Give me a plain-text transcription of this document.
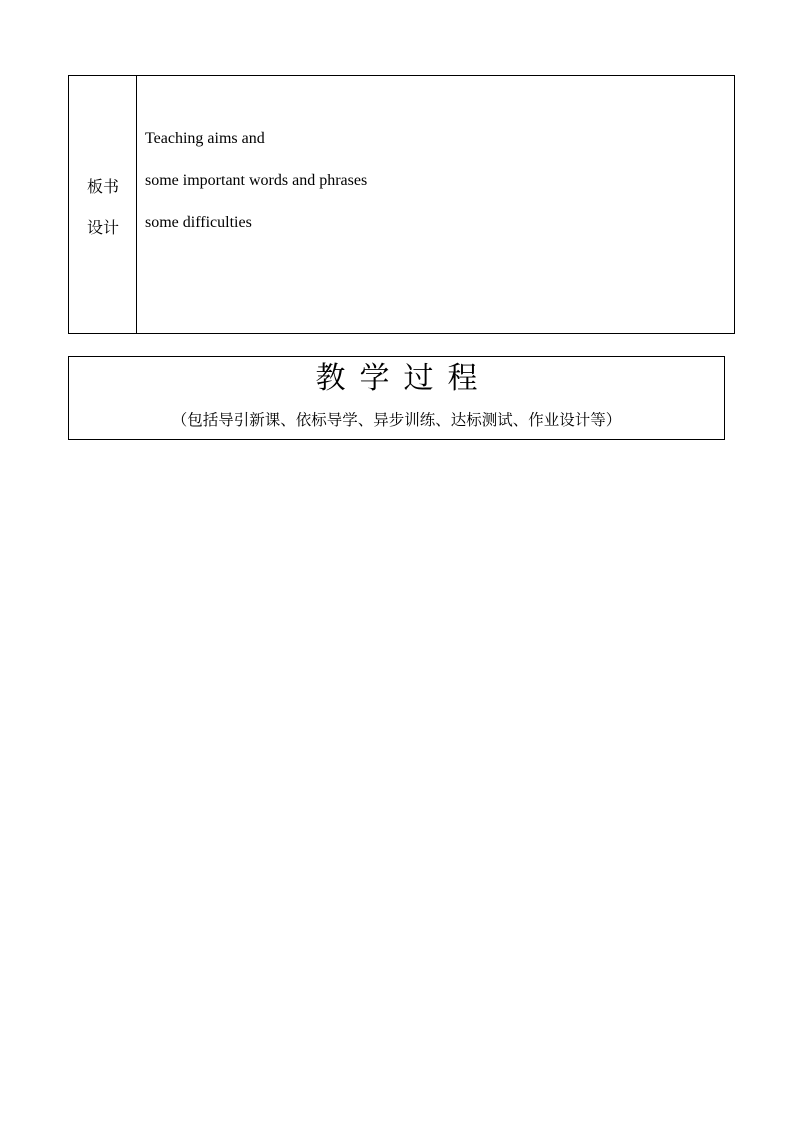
板书
设计
Teaching aims and
some important words and phrases
some difficulties
教学过程
（包括导引新课、依标导学、异步训练、达标测试、作业设计等）
